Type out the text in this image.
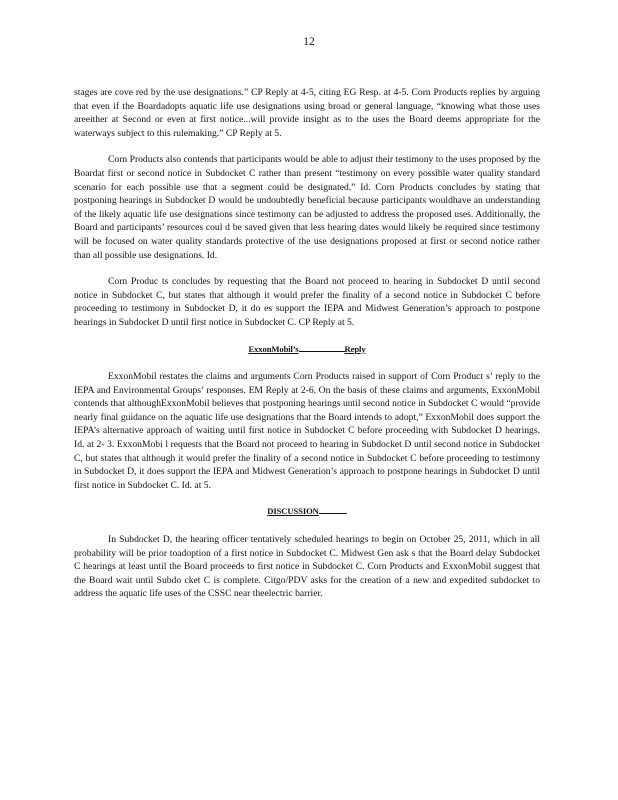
12

stages are cove red by the use designations.” CP Reply at 4-5, citing EG Resp. at 4-5. Corn Products replies by arguing that even if the Boardadopts aquatic life use designations using broad or general language, “knowing what those uses areeither at Second or even at first notice...will provide insight as to the uses the Board deems appropriate for the waterways subject to this rulemaking.” CP Reply at 5.

Corn Products also contends that participants would be able to adjust their testimony to the uses proposed by the Boardat first or second notice in Subdocket C rather than present “testimony on every possible water quality standard scenario for each possible use that a segment could be designated.” Id. Corn Products concludes by stating that postponing hearings in Subdocket D would be undoubtedly beneficial because participants wouldhave an understanding of the likely aquatic life use designations since testimony can be adjusted to address the proposed uses. Additionally, the Board and participants’ resources coul d be saved given that less hearing dates would likely be required since testimony will be focused on water quality standards protective of the use designations proposed at first or second notice rather than all possible use designations. Id.

Corn Produc ts concludes by requesting that the Board not proceed to hearing in Subdocket D until second notice in Subdocket C, but states that although it would prefer the finality of a second notice in Subdocket C before proceeding to testimony in Subdocket D, it do es support the IEPA and Midwest Generation’s approach to postpone hearings in Subdocket D until first notice in Subdocket C. CP Reply at 5.

ExxonMobil’s	Reply

ExxonMobil restates the claims and arguments Corn Products raised in support of Corn Product s’ reply to the IEPA and Environmental Groups’ responses. EM Reply at 2-6. On the basis of these claims and arguments, ExxonMobil contends that althoughExxonMobil believes that postponing hearings until second notice in Subdocket C would “provide nearly final guidance on the aquatic life use designations that the Board intends to adopt,” ExxonMobil does support the IEPA’s alternative approach of waiting until first notice in Subdocket C before proceeding with Subdocket D hearings. Id. at 2- 3. ExxonMobi l requests that the Board not proceed to hearing in Subdocket D until second notice in Subdocket C, but states that although it would prefer the finality of a second notice in Subdocket C before proceeding to testimony in Subdocket D, it does support the IEPA and Midwest Generation’s approach to postpone hearings in Subdocket D until first notice in Subdocket C. Id. at 5.

DISCUSSION

In Subdocket D, the hearing officer tentatively scheduled hearings to begin on October 25, 2011, which in all probability will be prior toadoption of a first notice in Subdocket C. Midwest Gen ask s that the Board delay Subdocket C hearings at least until the Board proceeds to first notice in Subdocket C. Corn Products and ExxonMobil suggest that the Board wait until Subdo cket C is complete. Citgo/PDV asks for the creation of a new and expedited subdocket to address the aquatic life uses of the CSSC near theelectric barrier.
